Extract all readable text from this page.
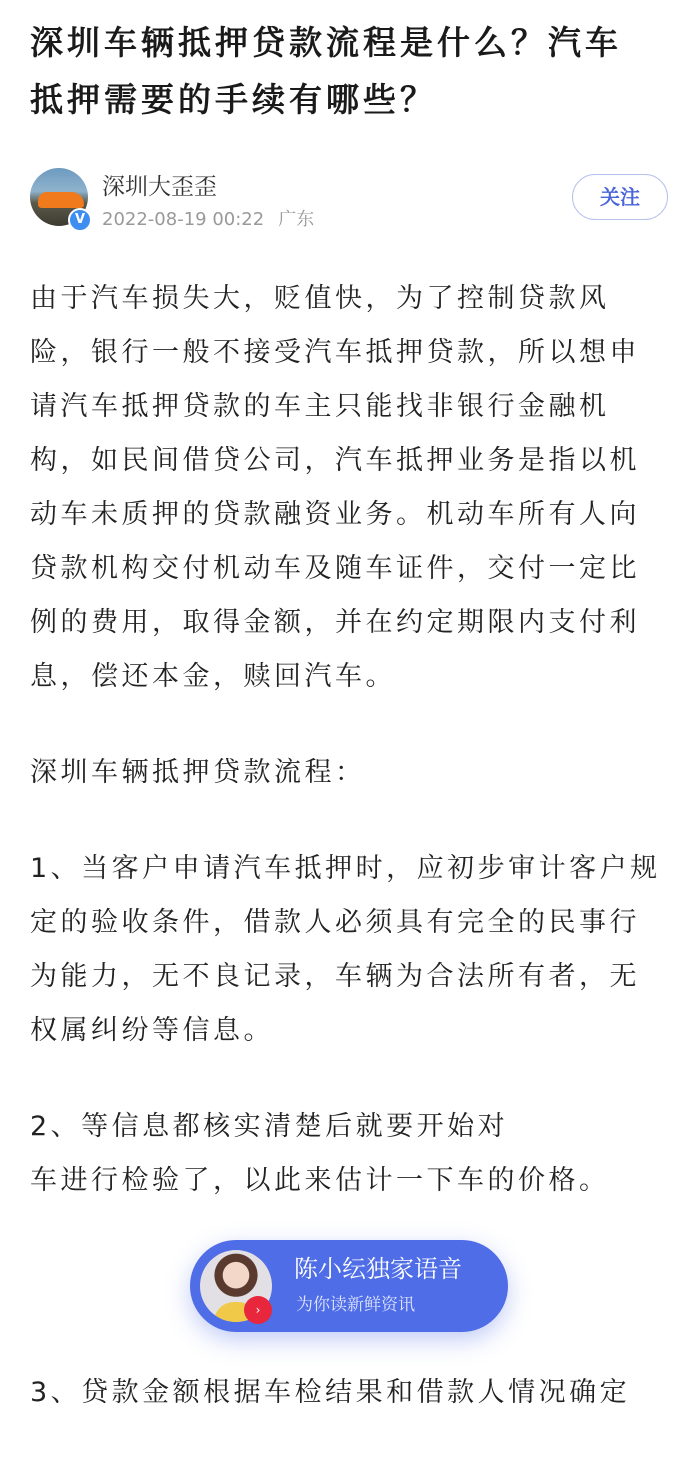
深圳车辆抵押贷款流程是什么？汽车
抵押需要的手续有哪些？
V
深圳大歪歪
2022-08-19 00:22 广东
关注

由于汽车损失大，贬值快，为了控制贷款风
险，银行一般不接受汽车抵押贷款，所以想申
请汽车抵押贷款的车主只能找非银行金融机
构，如民间借贷公司，汽车抵押业务是指以机
动车未质押的贷款融资业务。机动车所有人向
贷款机构交付机动车及随车证件，交付一定比
例的费用，取得金额，并在约定期限内支付利
息，偿还本金，赎回汽车。

深圳车辆抵押贷款流程：

1、当客户申请汽车抵押时，应初步审计客户规
定的验收条件，借款人必须具有完全的民事行
为能力，无不良记录，车辆为合法所有者，无
权属纠纷等信息。

2、等信息都核实清楚后就要开始对
车进行检验了，以此来估计一下车的价格。

›
陈小纭独家语音
为你读新鲜资讯

3、贷款金额根据车检结果和借款人情况确定
